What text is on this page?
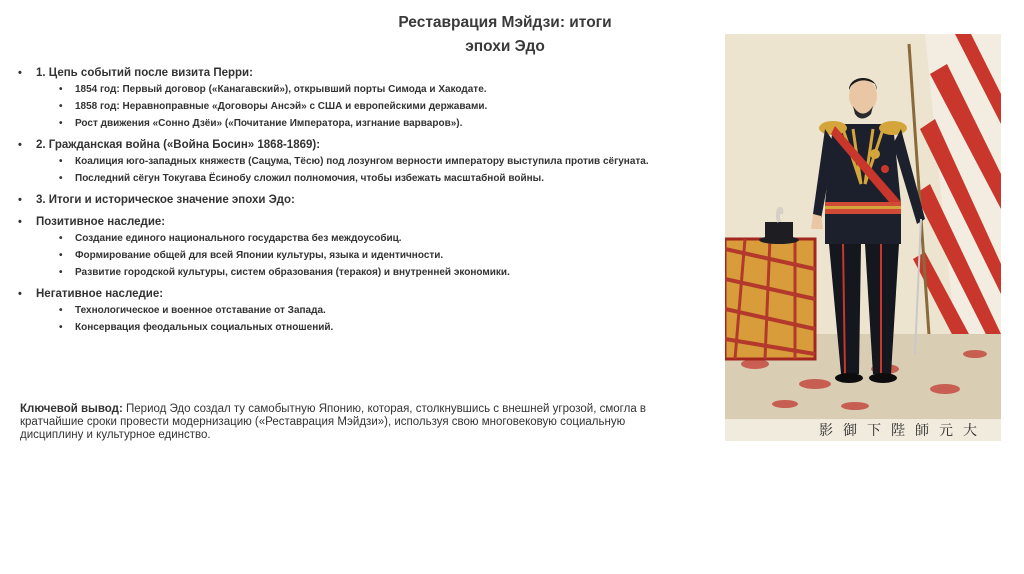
Реставрация Мэйдзи: итоги
эпохи Эдо
• 1. Цепь событий после визита Перри:
• 1854 год: Первый договор («Канагавский»), открывший порты Симода и Хакодате.
• 1858 год: Неравноправные «Договоры Ансэй» с США и европейскими державами.
• Рост движения «Сонно Дзёи» («Почитание Императора, изгнание варваров»).
• 2. Гражданская война («Война Босин» 1868-1869):
• Коалиция юго-западных княжеств (Сацума, Тёсю) под лозунгом верности императору выступила против сёгуната.
• Последний сёгун Токугава Ёсинобу сложил полномочия, чтобы избежать масштабной войны.
• 3. Итоги и историческое значение эпохи Эдо:
• Позитивное наследие:
• Создание единого национального государства без междоусобиц.
• Формирование общей для всей Японии культуры, языка и идентичности.
• Развитие городской культуры, систем образования (теракоя) и внутренней экономики.
• Негативное наследие:
• Технологическое и военное отставание от Запада.
• Консервация феодальных социальных отношений.
Ключевой вывод: Период Эдо создал ту самобытную Японию, которая, столкнувшись с внешней угрозой, смогла в кратчайшие сроки провести модернизацию («Реставрация Мэйдзи»), используя свою многовековую социальную дисциплину и культурное единство.	影御下陛師元大
